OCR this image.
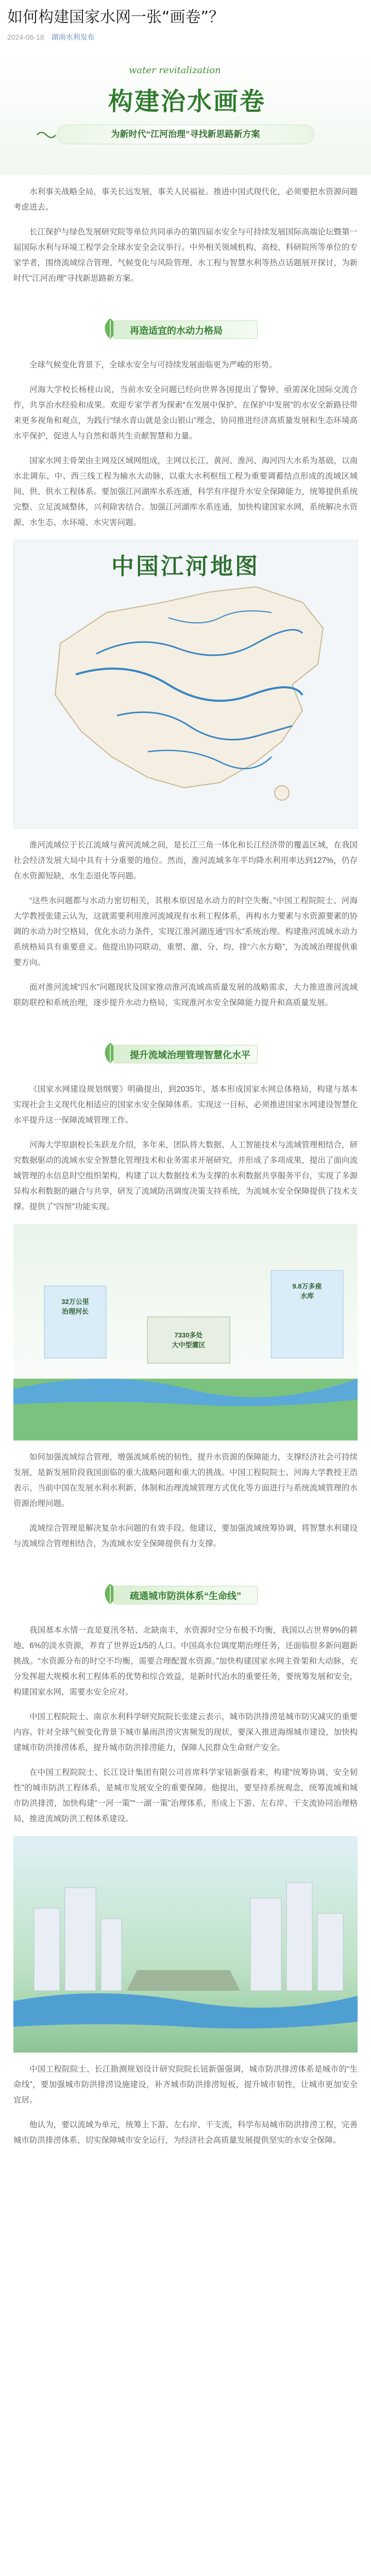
如何构建国家水网一张“画卷”？
2024-06-18 湖南水利发布
water revitalization
构建治水画卷
为新时代“江河治理”寻找新思路新方案

水利事关战略全局，事关长远发展，事关人民福祉。推进中国式现代化，必须要把水资源问题考虑进去。

长江保护与绿色发展研究院等单位共同承办的第四届水安全与可持续发展国际高端论坛暨第一届国际水利与环境工程学会全球水安全会议举行。中外相关领域机构、高校、科研院所等单位的专家学者，围绕流域综合管理、气候变化与风险管理、水工程与智慧水利等热点话题展开探讨，为新时代“江河治理”寻找新思路新方案。

再造适宜的水动力格局

全球气候变化背景下，全球水安全与可持续发展面临更为严峻的形势。

河海大学校长杨桂山说，当前水安全问题已经向世界各国提出了警钟，亟需深化国际交流合作，共享治水经验和成果。欢迎专家学者为探索“在发展中保护、在保护中发展”的水安全新路径带来更多视角和观点，为践行“绿水青山就是金山银山”理念，协同推进经济高质量发展和生态环境高水平保护，促进人与自然和谐共生贡献智慧和力量。

国家水网主骨架由主网及区域网组成，主网以长江、黄河、淮河、海河四大水系为基础，以南水北调东、中、西三线工程为输水大动脉，以重大水利枢纽工程为重要调蓄结点形成的流域区域间、供、供水工程体系。要加强江河湖库水系连通，科学有序提升水安全保障能力，统筹提供系统完整、立足流域整体，兴利除害结合。加强江河湖库水系连通，加快构建国家水网，系统解决水资源、水生态、水环境、水灾害问题。

中国江河地图

淮河流域位于长江流域与黄河流域之间，是长江三角一体化和长江经济带的覆盖区域，在我国社会经济发展大局中具有十分重要的地位。然而，淮河流域多年平均降水利用率达到127%，仍存在水资源短缺、水生态退化等问题。

“这些水问题都与水动力密切相关，其根本原因是水动力的时空失衡。”中国工程院院士、河海大学教授张建云认为，这就需要利用淮河流域现有水利工程体系，再构水力要素与水资源要素的协调的水动力时空格局，优化水动力条件，实现江淮河湖连通“四水”系统治理。构建淮河流域水动力系统格局具有重要意义。他提出协同联动，重塑、激、分、均、排“六水方略”，为流域治理提供重要方向。

面对淮河流域“四水”问题现状及国家推动淮河流域高质量发展的战略需求，大力推进淮河流域联防联控和系统治理，逐步提升水动力格局，实现淮河水安全保障能力提升和高质量发展。

提升流域治理管理智慧化水平

《国家水网建设规划纲要》明确提出，到2035年，基本形成国家水网总体格局，构建与基本实现社会主义现代化相适应的国家水安全保障体系。实现这一目标，必须推进国家水网建设智慧化水平提升这一保障流域管理工作。

河海大学原副校长朱跃龙介绍，多年来，团队将大数据、人工智能技术与流域管理相结合，研究数据驱动的流域水安全智慧化管理技术和业务需求开展研究，并形成了多项成果，提出了面向流域管理的水信息时空组织架构，构建了以大数据技术为支撑的水利数据共享服务平台，实现了多源异构水利数据的融合与共享，研发了流域防汛调度决策支持系统，为流域水安全保障提供了技术支撑。提供了“四预”功能实现。

32万公里
治理河长
9.8万多座
水库
7330多处
大中型灌区

如何加强流域综合管理，增强流域系统的韧性，提升水资源的保障能力，支撑经济社会可持续发展，是新发展阶段我国面临的重大战略问题和重大的挑战。中国工程院院士、河海大学教授王浩表示，当前中国在发展水利水利新、体制和治理流域管理方式优化等方面进行与系统流域管理的水资源治理问题。

流域综合管理是解决复杂水问题的有效手段。他建议，要加强流域统筹协调，将智慧水利建设与流域综合管理相结合，为流域水安全保障提供有力支撑。

疏通城市防洪体系“生命线”

我国基本水情一直是夏汛冬枯、北缺南丰，水资源时空分布极不均衡，我国以占世界9%的耕地、6%的淡水资源，养育了世界近1/5的人口。中国高水位调度期治理任务，还面临很多新问题新挑战。“水资源分布的时空不均衡，需要合理配置水资源。”加快构建国家水网主骨架和大动脉，充分发挥超大规模水利工程体系的优势和综合效益，是新时代治水的重要任务，要统筹发展和安全，构建国家水网，需要水安全应对。

中国工程院院士、南京水利科学研究院院长张建云表示，城市防洪排涝是城市防灾减灾的重要内容。针对全球气候变化背景下城市暴雨洪涝灾害频发的现状，要深入推进海绵城市建设，加快构建城市防洪排涝体系，提升城市防洪排涝能力，保障人民群众生命财产安全。

在中国工程院院士、长江设计集团有限公司首席科学家钮新强看来，构建“统筹协调、安全韧性”的城市防洪工程体系，是城市发展安全的重要保障。他提出，要坚持系统观念，统筹流域和城市防洪排涝，加快构建“一河一策”“一湖一策”治理体系，形成上下游、左右岸、干支流协同治理格局，推进流域防洪工程体系建设。

中国工程院院士、长江勘测规划设计研究院院长钮新强强调，城市防洪排涝体系是城市的“生命线”，要加强城市防洪排涝设施建设，补齐城市防洪排涝短板，提升城市韧性，让城市更加安全宜居。

他认为，要以流域为单元，统筹上下游、左右岸、干支流，科学布局城市防洪排涝工程，完善城市防洪排涝体系，切实保障城市安全运行，为经济社会高质量发展提供坚实的水安全保障。
